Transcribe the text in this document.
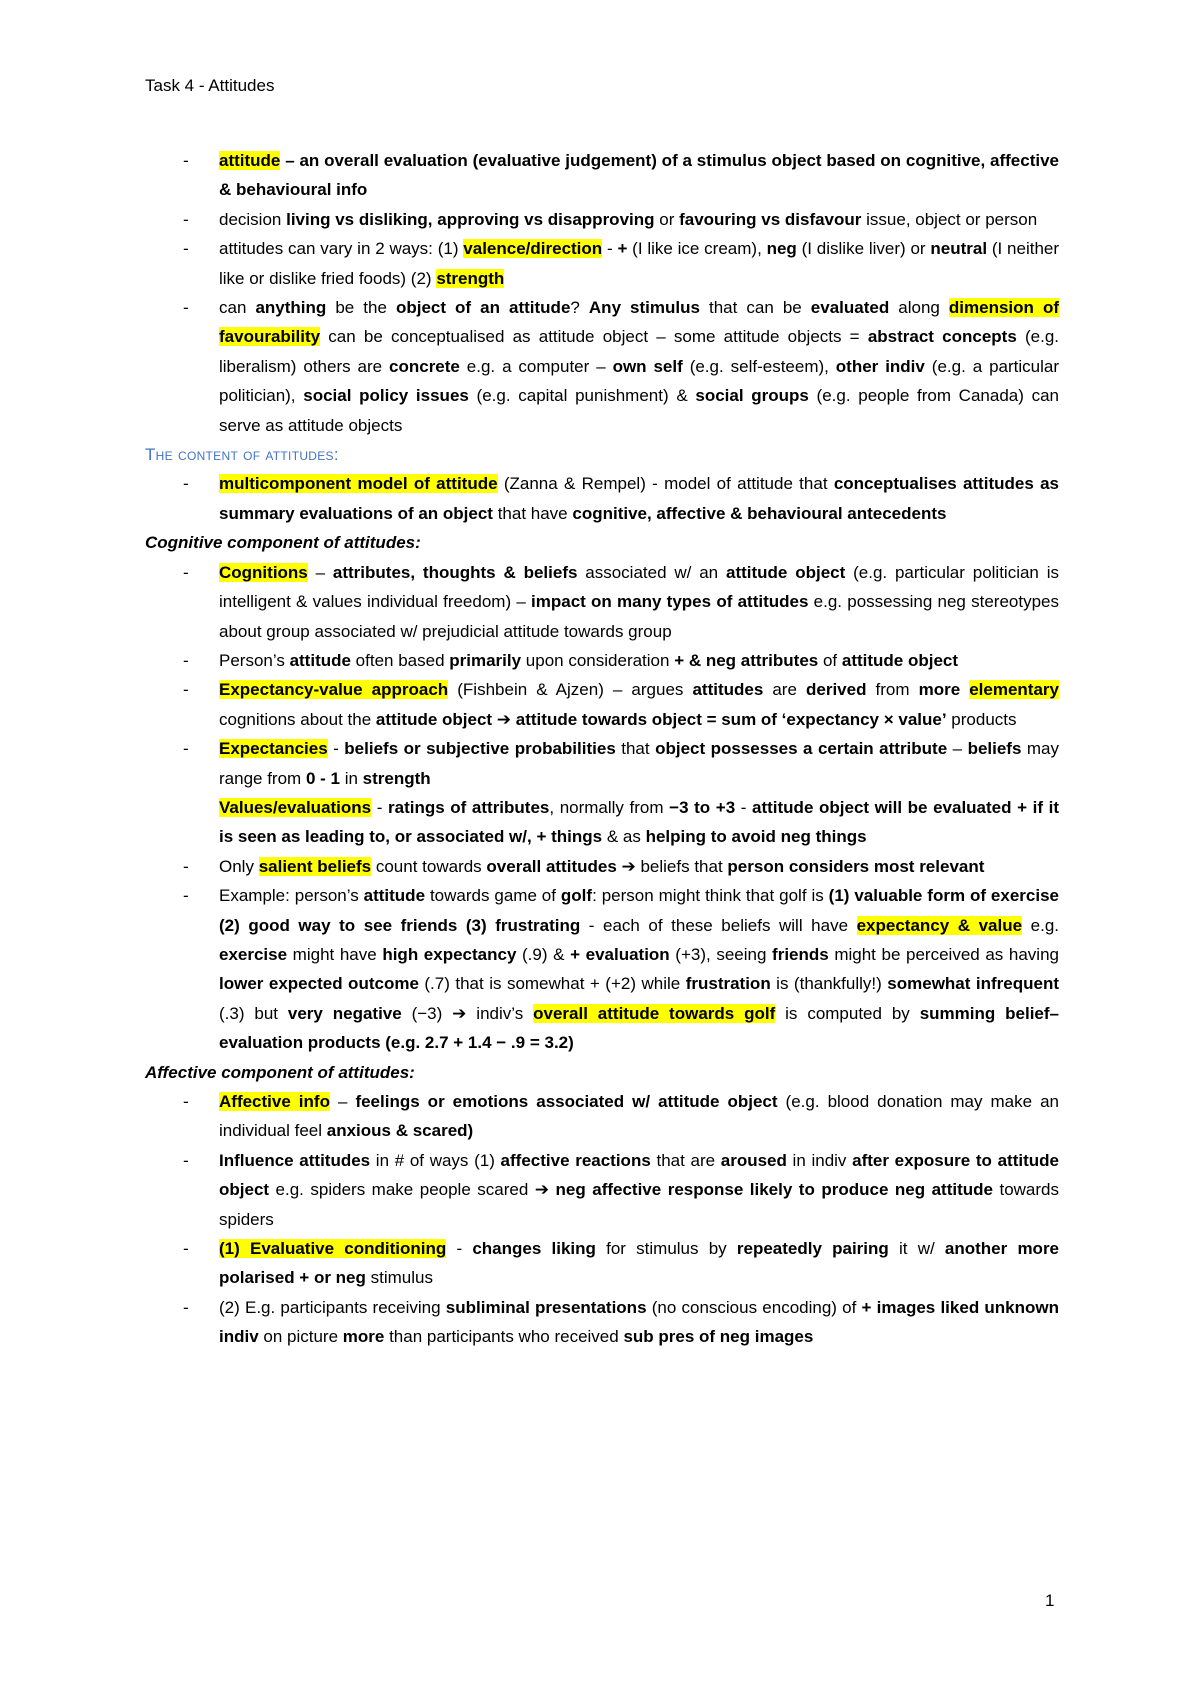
Task 4 - Attitudes
- attitude – an overall evaluation (evaluative judgement) of a stimulus object based on cognitive, affective & behavioural info
- decision living vs disliking, approving vs disapproving or favouring vs disfavour issue, object or person
- attitudes can vary in 2 ways: (1) valence/direction - + (I like ice cream), neg (I dislike liver) or neutral (I neither like or dislike fried foods) (2) strength
- can anything be the object of an attitude? Any stimulus that can be evaluated along dimension of favourability can be conceptualised as attitude object – some attitude objects = abstract concepts (e.g. liberalism) others are concrete e.g. a computer – own self (e.g. self-esteem), other indiv (e.g. a particular politician), social policy issues (e.g. capital punishment) & social groups (e.g. people from Canada) can serve as attitude objects
The content of attitudes:
- multicomponent model of attitude (Zanna & Rempel) - model of attitude that conceptualises attitudes as summary evaluations of an object that have cognitive, affective & behavioural antecedents
Cognitive component of attitudes:
- Cognitions – attributes, thoughts & beliefs associated w/ an attitude object (e.g. particular politician is intelligent & values individual freedom) – impact on many types of attitudes e.g. possessing neg stereotypes about group associated w/ prejudicial attitude towards group
- Person’s attitude often based primarily upon consideration + & neg attributes of attitude object
- Expectancy-value approach (Fishbein & Ajzen) – argues attitudes are derived from more elementary cognitions about the attitude object ➔ attitude towards object = sum of ‘expectancy × value’ products
- Expectancies - beliefs or subjective probabilities that object possesses a certain attribute – beliefs may range from 0 - 1 in strength
Values/evaluations - ratings of attributes, normally from −3 to +3 - attitude object will be evaluated + if it is seen as leading to, or associated w/, + things & as helping to avoid neg things
- Only salient beliefs count towards overall attitudes ➔ beliefs that person considers most relevant
- Example: person’s attitude towards game of golf: person might think that golf is (1) valuable form of exercise (2) good way to see friends (3) frustrating - each of these beliefs will have expectancy & value e.g. exercise might have high expectancy (.9) & + evaluation (+3), seeing friends might be perceived as having lower expected outcome (.7) that is somewhat + (+2) while frustration is (thankfully!) somewhat infrequent (.3) but very negative (−3) ➔ indiv’s overall attitude towards golf is computed by summing belief–evaluation products (e.g. 2.7 + 1.4 − .9 = 3.2)
Affective component of attitudes:
- Affective info – feelings or emotions associated w/ attitude object (e.g. blood donation may make an individual feel anxious & scared)
- Influence attitudes in # of ways (1) affective reactions that are aroused in indiv after exposure to attitude object e.g. spiders make people scared ➔ neg affective response likely to produce neg attitude towards spiders
- (1) Evaluative conditioning - changes liking for stimulus by repeatedly pairing it w/ another more polarised + or neg stimulus
- (2) E.g. participants receiving subliminal presentations (no conscious encoding) of + images liked unknown indiv on picture more than participants who received sub pres of neg images
1
